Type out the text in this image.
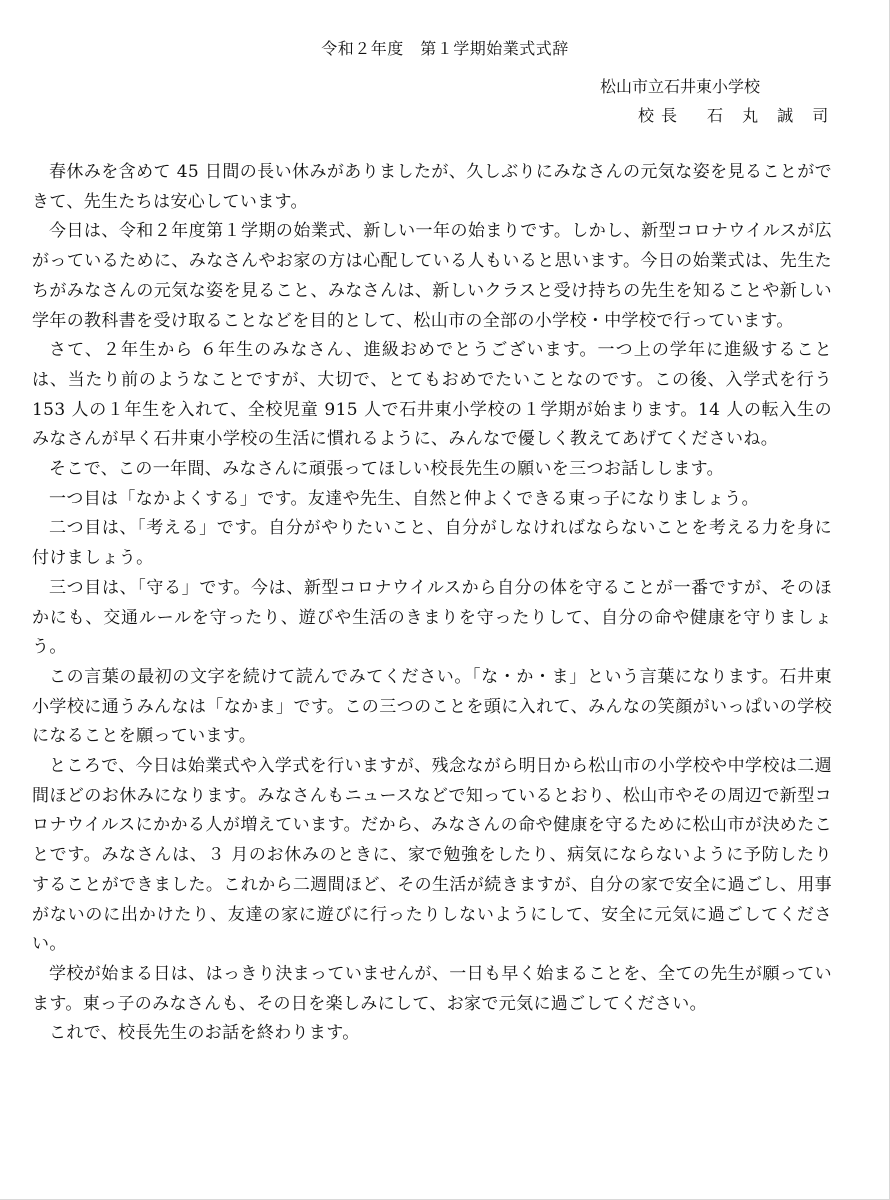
令和２年度　第１学期始業式式辞
松山市立石井東小学校
校長　石 丸 誠 司

春休みを含めて 45 日間の長い休みがありましたが、久しぶりにみなさんの元気な姿を見ることができて、先生たちは安心しています。

今日は、令和２年度第１学期の始業式、新しい一年の始まりです。しかし、新型コロナウイルスが広がっているために、みなさんやお家の方は心配している人もいると思います。今日の始業式は、先生たちがみなさんの元気な姿を見ること、みなさんは、新しいクラスと受け持ちの先生を知ることや新しい学年の教科書を受け取ることなどを目的として、松山市の全部の小学校・中学校で行っています。

さて、２年生から ６年生のみなさん、進級おめでとうございます。一つ上の学年に進級することは、当たり前のようなことですが、大切で、とてもおめでたいことなのです。この後、入学式を行う 153 人の１年生を入れて、全校児童 915 人で石井東小学校の１学期が始まります。14 人の転入生のみなさんが早く石井東小学校の生活に慣れるように、みんなで優しく教えてあげてくださいね。

そこで、この一年間、みなさんに頑張ってほしい校長先生の願いを三つお話しします。

一つ目は「なかよくする」です。友達や先生、自然と仲よくできる東っ子になりましょう。

二つ目は、「考える」です。自分がやりたいこと、自分がしなければならないことを考える力を身に付けましょう。

三つ目は、「守る」です。今は、新型コロナウイルスから自分の体を守ることが一番ですが、そのほかにも、交通ルールを守ったり、遊びや生活のきまりを守ったりして、自分の命や健康を守りましょう。

この言葉の最初の文字を続けて読んでみてください。「な・か・ま」という言葉になります。石井東小学校に通うみんなは「なかま」です。この三つのことを頭に入れて、みんなの笑顔がいっぱいの学校になることを願っています。

ところで、今日は始業式や入学式を行いますが、残念ながら明日から松山市の小学校や中学校は二週間ほどのお休みになります。みなさんもニュースなどで知っているとおり、松山市やその周辺で新型コロナウイルスにかかる人が増えています。だから、みなさんの命や健康を守るために松山市が決めたことです。みなさんは、３ 月のお休みのときに、家で勉強をしたり、病気にならないように予防したりすることができました。これから二週間ほど、その生活が続きますが、自分の家で安全に過ごし、用事がないのに出かけたり、友達の家に遊びに行ったりしないようにして、安全に元気に過ごしてください。

学校が始まる日は、はっきり決まっていませんが、一日も早く始まることを、全ての先生が願っています。東っ子のみなさんも、その日を楽しみにして、お家で元気に過ごしてください。

これで、校長先生のお話を終わります。
